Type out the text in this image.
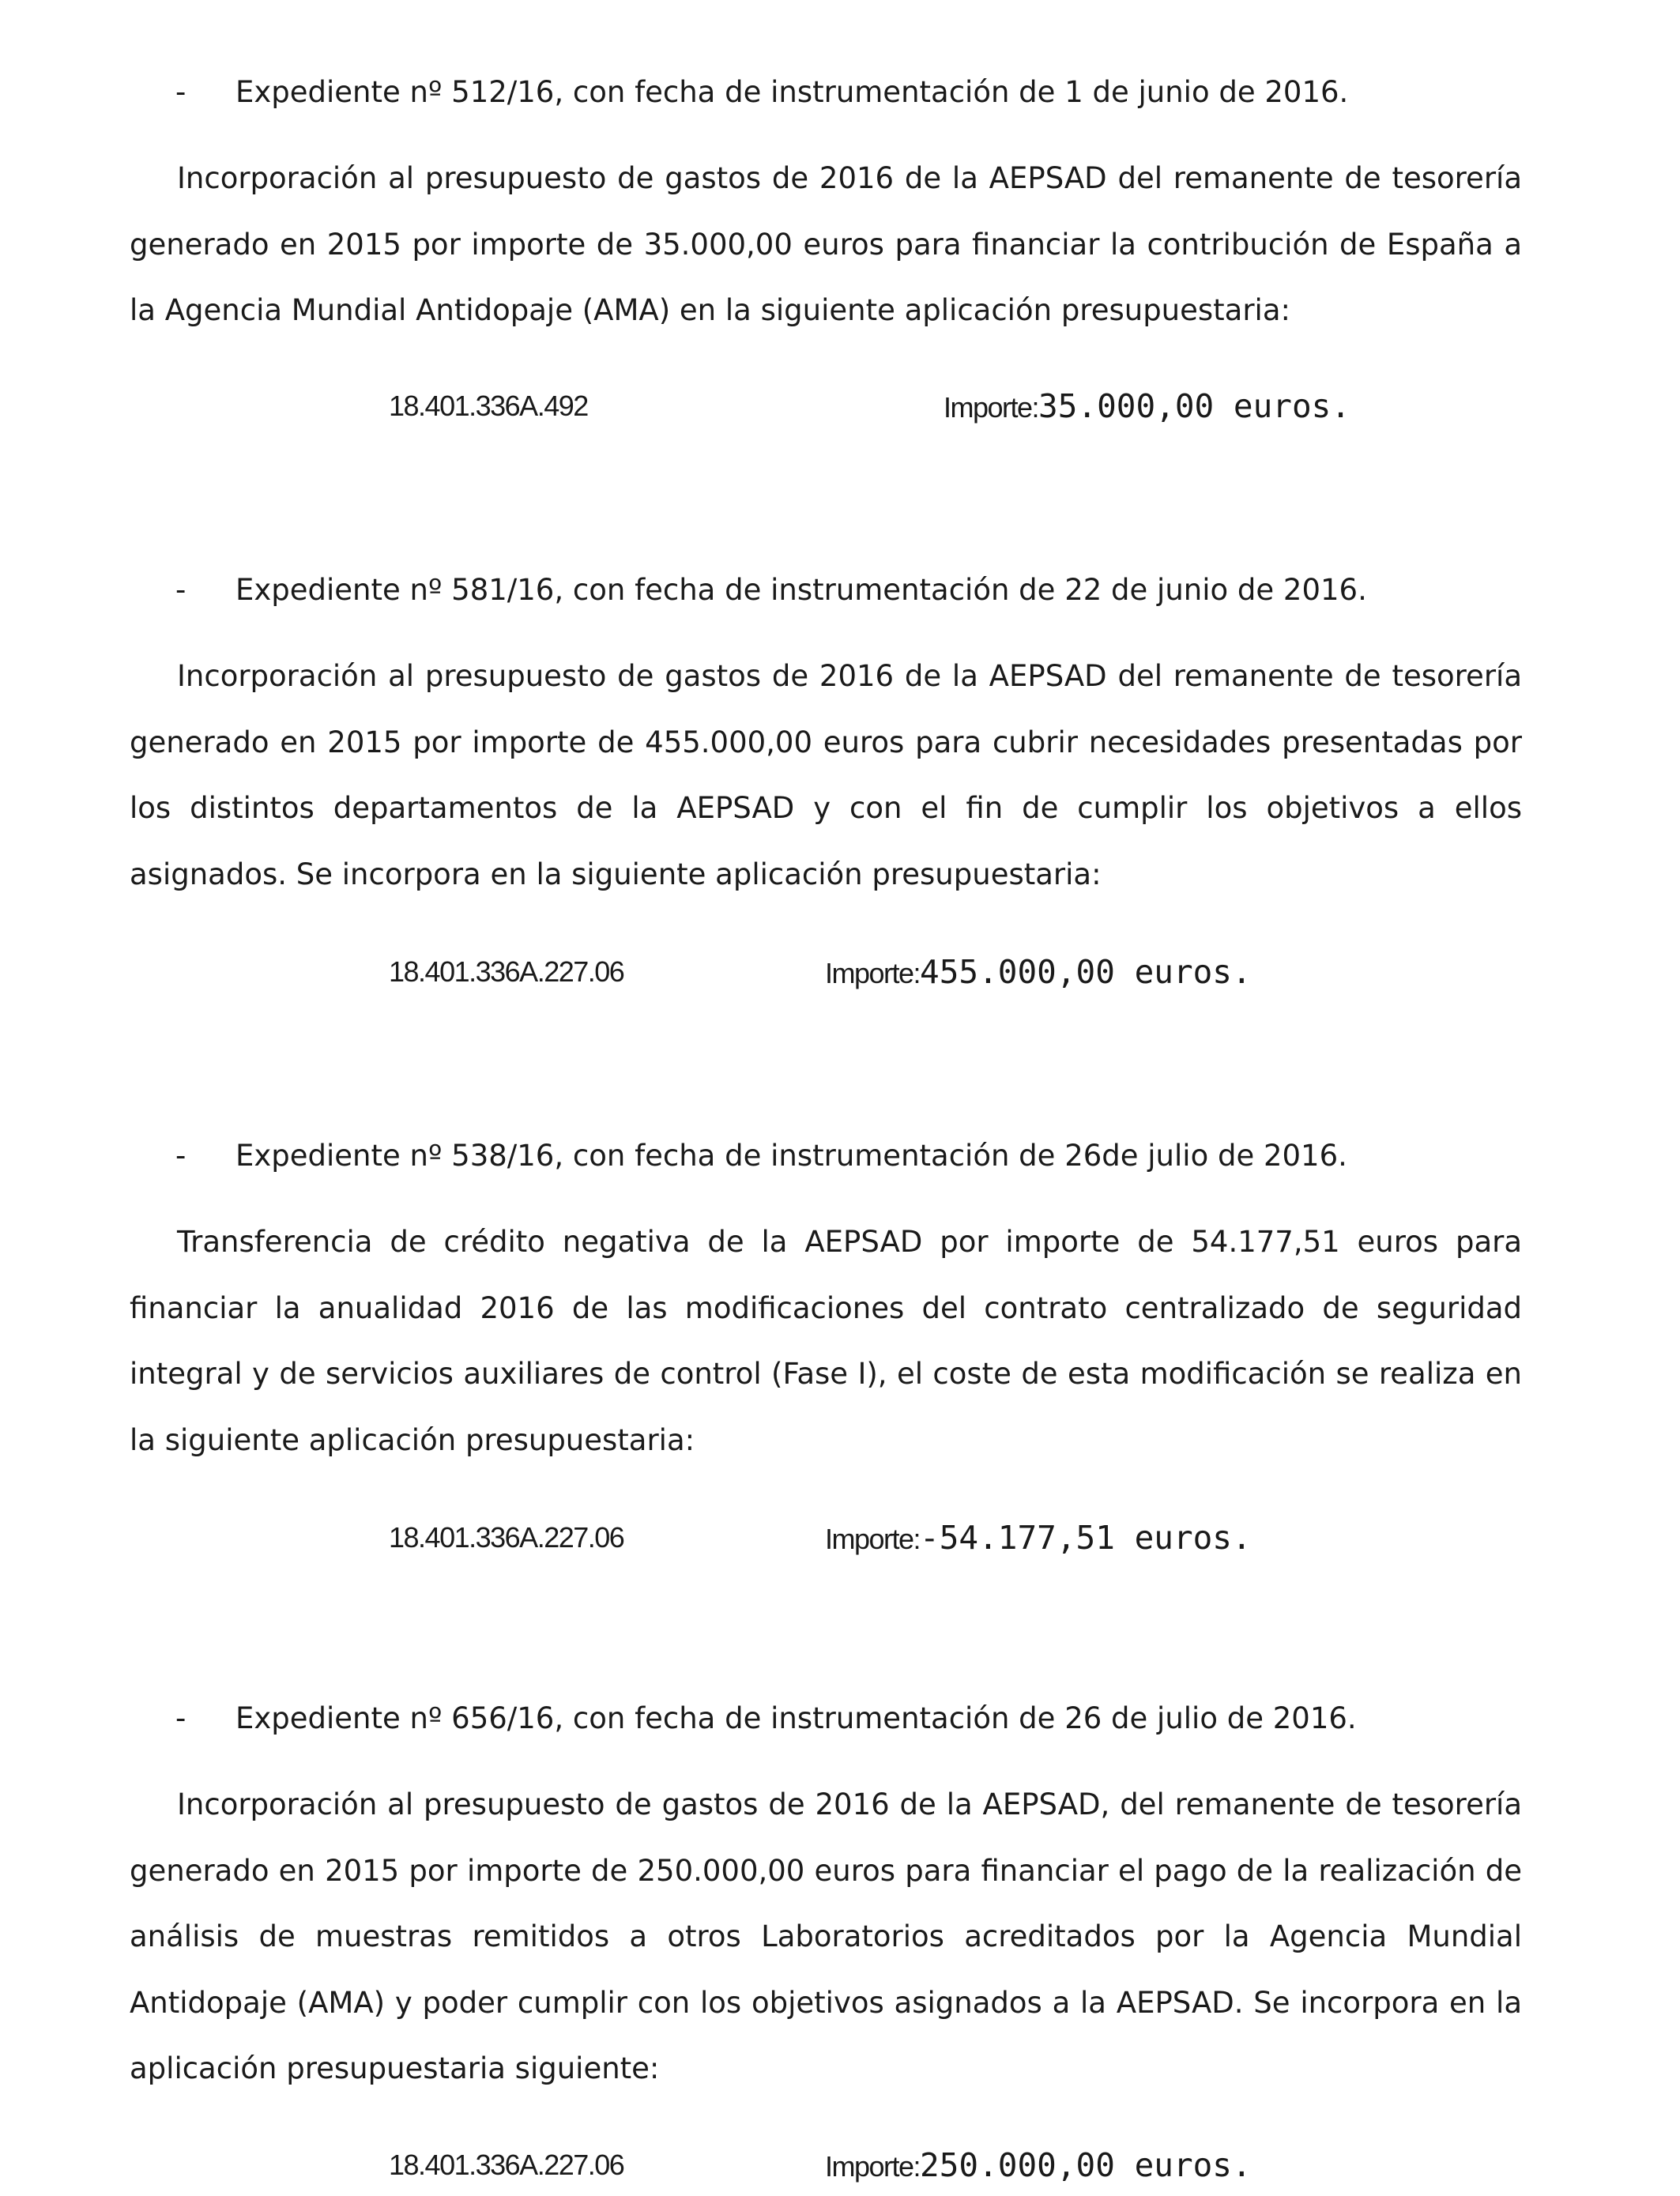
- Expediente nº 512/16, con fecha de instrumentación de 1 de junio de 2016.

Incorporación al presupuesto de gastos de 2016 de la AEPSAD del remanente de tesorería generado en 2015 por importe de 35.000,00 euros para financiar la contribución de España a la Agencia Mundial Antidopaje (AMA) en la siguiente aplicación presupuestaria:

18.401.336A.492	Importe:35.000,00 euros.
- Expediente nº 581/16, con fecha de instrumentación de 22 de junio de 2016.

Incorporación al presupuesto de gastos de 2016 de la AEPSAD del remanente de tesorería generado en 2015 por importe de 455.000,00 euros para cubrir necesidades presentadas por los distintos departamentos de la AEPSAD y con el fin de cumplir los objetivos a ellos asignados. Se incorpora en la siguiente aplicación presupuestaria:

18.401.336A.227.06	Importe:455.000,00 euros.
- Expediente nº 538/16, con fecha de instrumentación de 26de julio de 2016.

Transferencia de crédito negativa de la AEPSAD por importe de 54.177,51 euros para financiar la anualidad 2016 de las modificaciones del contrato centralizado de seguridad integral y de servicios auxiliares de control (Fase I), el coste de esta modificación se realiza en la siguiente aplicación presupuestaria:

18.401.336A.227.06	Importe:-54.177,51 euros.
- Expediente nº 656/16, con fecha de instrumentación de 26 de julio de 2016.

Incorporación al presupuesto de gastos de 2016 de la AEPSAD, del remanente de tesorería generado en 2015 por importe de 250.000,00 euros para financiar el pago de la realización de análisis de muestras remitidos a otros Laboratorios acreditados por la Agencia Mundial Antidopaje (AMA) y poder cumplir con los objetivos asignados a la AEPSAD. Se incorpora en la aplicación presupuestaria siguiente:

18.401.336A.227.06	Importe:250.000,00 euros.
